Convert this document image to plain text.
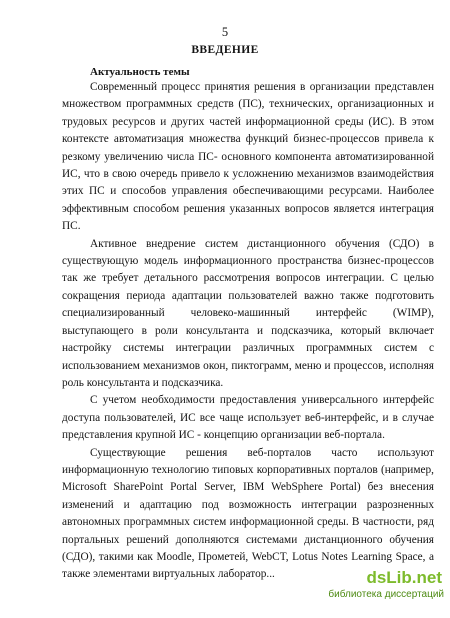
5
ВВЕДЕНИЕ
Актуальность темы

Современный процесс принятия решения в организации представлен множеством программных средств (ПС), технических, организационных и трудовых ресурсов и других частей информационной среды (ИС). В этом контексте автоматизация множества функций бизнес-процессов привела к резкому увеличению числа ПС- основного компонента автоматизированной ИС, что в свою очередь привело к усложнению механизмов взаимодействия этих ПС и способов управления обеспечивающими ресурсами. Наиболее эффективным способом решения указанных вопросов является интеграция ПС.

Активное внедрение систем дистанционного обучения (СДО) в существующую модель информационного пространства бизнес-процессов так же требует детального рассмотрения вопросов интеграции. С целью сокращения периода адаптации пользователей важно также подготовить специализированный человеко-машинный интерфейс (WIMP), выступающего в роли консультанта и подсказчика, который включает настройку системы интеграции различных программных систем с использованием механизмов окон, пиктограмм, меню и процессов, исполняя роль консультанта и подсказчика.

С учетом необходимости предоставления универсального интерфейс доступа пользователей, ИС все чаще использует веб-интерфейс, и в случае представления крупной ИС - концепцию организации веб-портала.

Существующие решения веб-порталов часто используют информационную технологию типовых корпоративных порталов (например, Microsoft SharePoint Portal Server, IBM WebSphere Portal) без внесения изменений и адаптацию под возможность интеграции разрозненных автономных программных систем информационной среды. В частности, ряд портальных решений дополняются системами дистанционного обучения (СДО), такими как Moodle, Прометей, WebCT, Lotus Notes Learning Space, а также элементами виртуальных лаборатор...	dsLib.net
библиотека диссертаций
